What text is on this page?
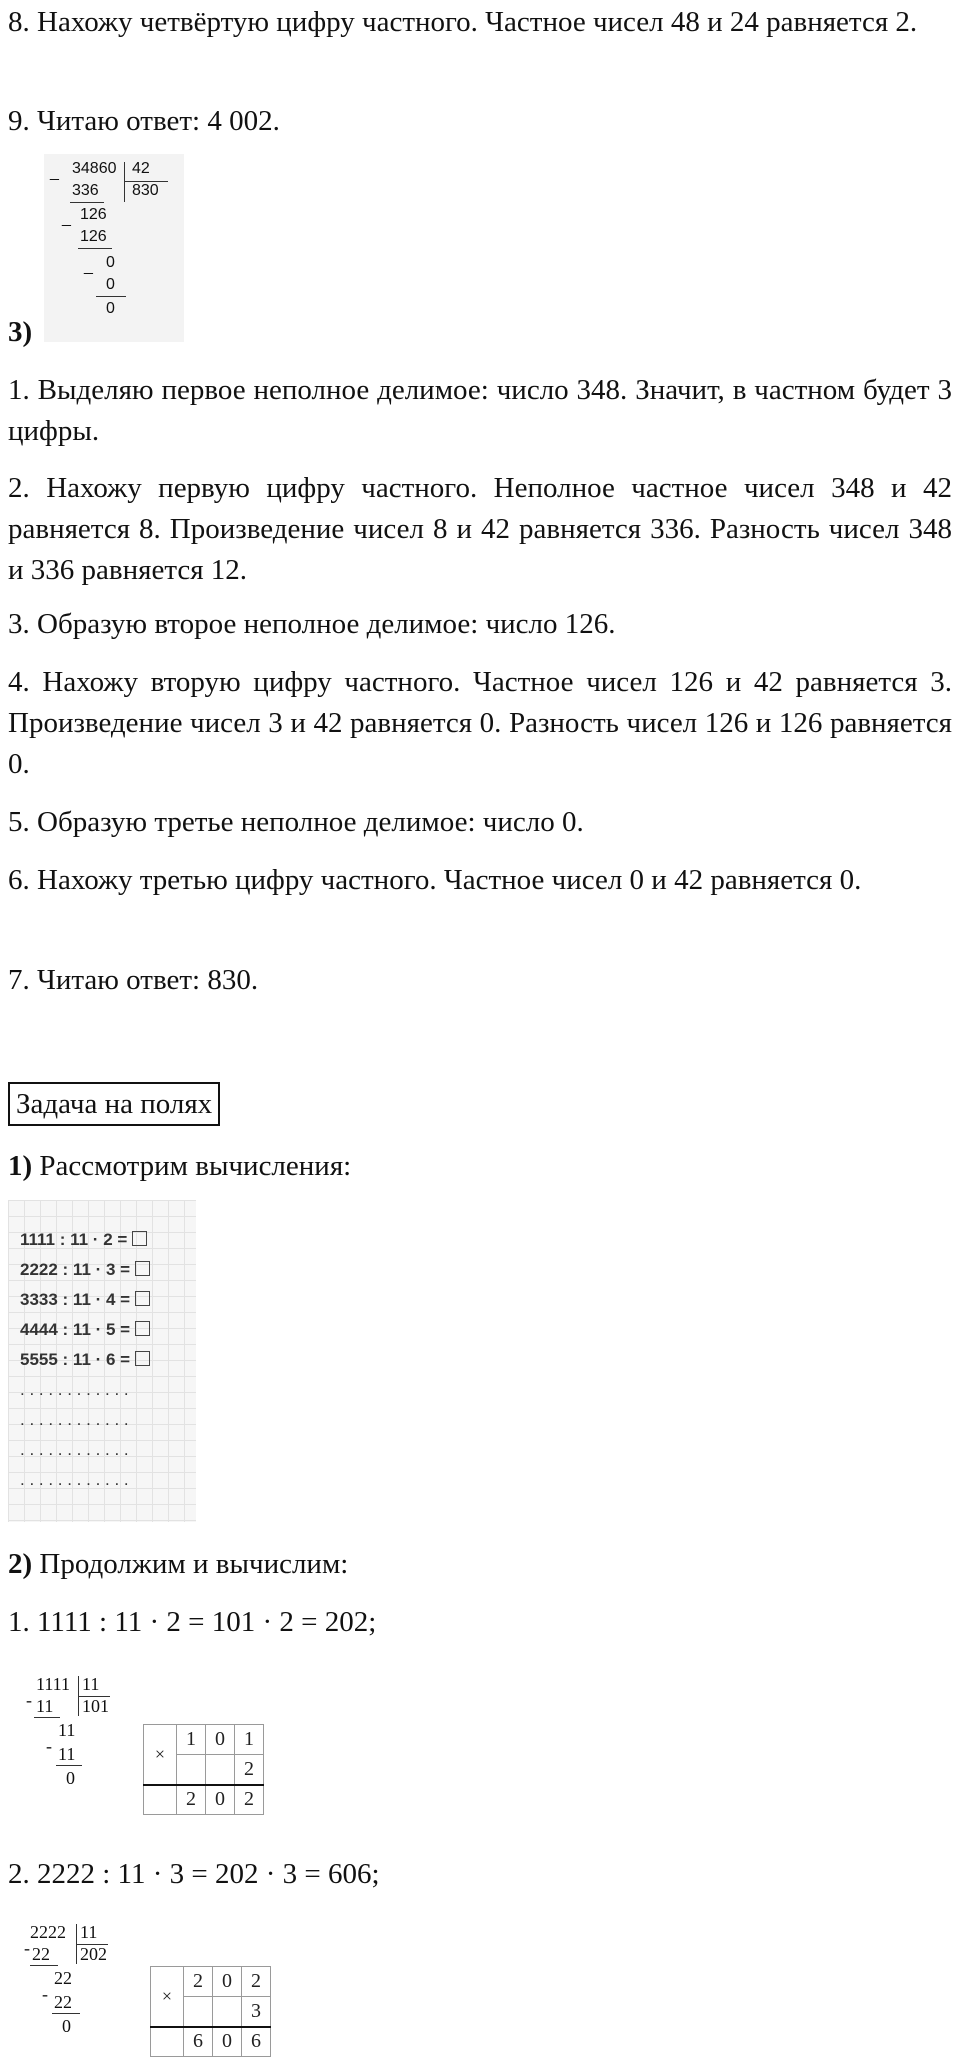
8. Нахожу четвёртую цифру частного. Частное чисел 48 и 24 равняется 2.

9. Читаю ответ: 4 002.

_ 34860 42
830
336
_ 126
126
_ 0
0
0

3)

1. Выделяю первое неполное делимое: число 348. Значит, в частном будет 3 цифры.

2. Нахожу первую цифру частного. Неполное частное чисел 348 и 42 равняется 8. Произведение чисел 8 и 42 равняется 336. Разность чисел 348 и 336 равняется 12.

3. Образую второе неполное делимое: число 126.

4. Нахожу вторую цифру частного. Частное чисел 126 и 42 равняется 3. Произведение чисел 3 и 42 равняется 0. Разность чисел 126 и 126 равняется 0.

5. Образую третье неполное делимое: число 0.

6. Нахожу третью цифру частного. Частное чисел 0 и 42 равняется 0.

7. Читаю ответ: 830.

Задача на полях

1) Рассмотрим вычисления:

1111 : 11 · 2 =
2222 : 11 · 3 =
3333 : 11 · 4 =
4444 : 11 · 5 =
5555 : 11 · 6 =
. . . . . . . . . . . .
. . . . . . . . . . . .
. . . . . . . . . . . .
. . . . . . . . . . . .

2) Продолжим и вычислим:

1. 1111 : 11 · 2 = 101 · 2 = 202;

1111 11
101
- 11
11
- 11
0
×	1	0	1
			2
	2	0	2

2. 2222 : 11 · 3 = 202 · 3 = 606;

2222 11
202
- 22
22
- 22
0
×	2	0	2
			3
	6	0	6
